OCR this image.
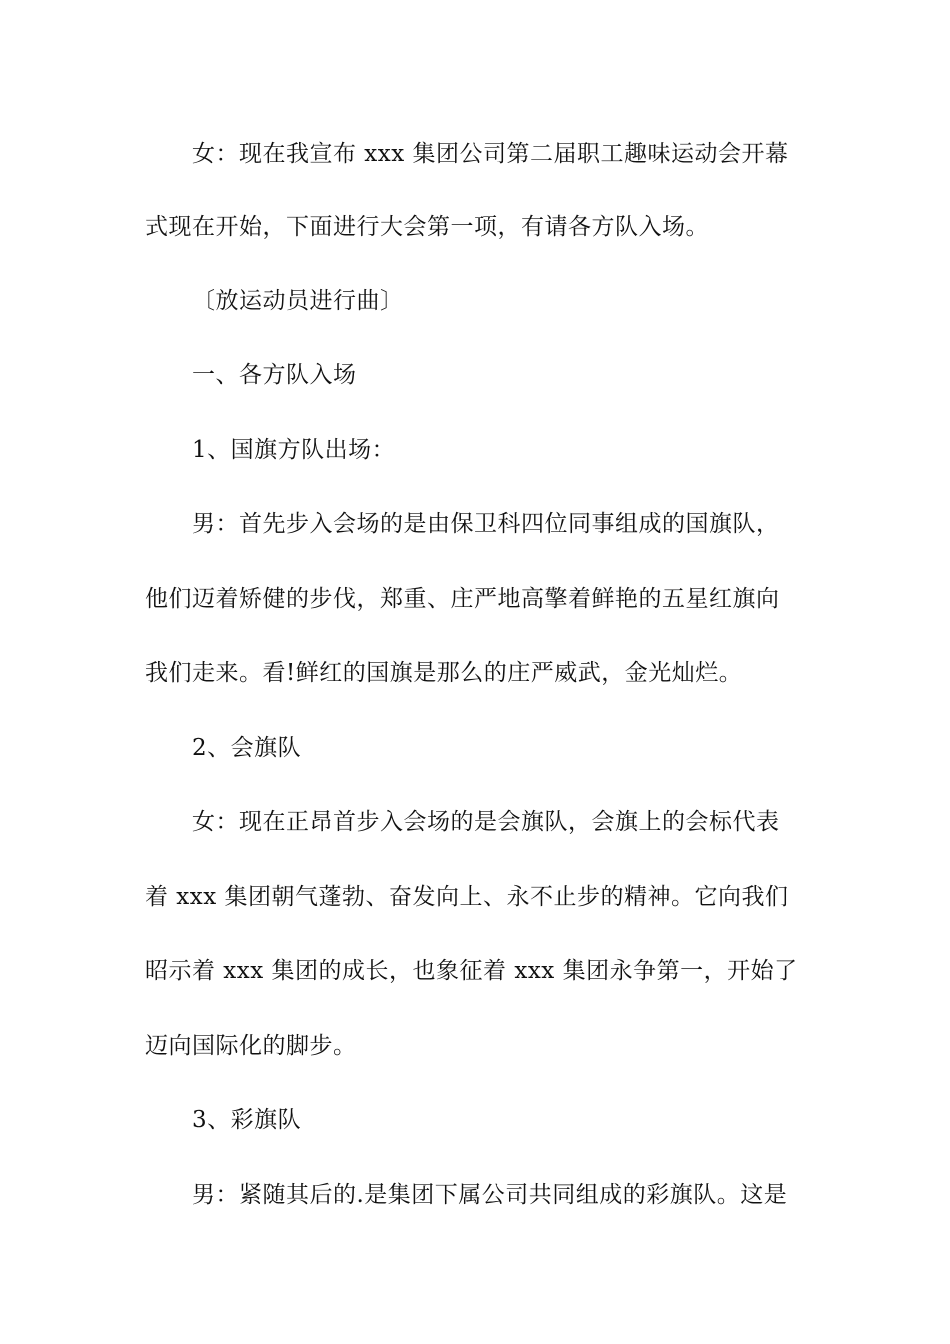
女：现在我宣布 xxx 集团公司第二届职工趣味运动会开幕
式现在开始，下面进行大会第一项，有请各方队入场。
〔放运动员进行曲〕
一、各方队入场
1、国旗方队出场：
男：首先步入会场的是由保卫科四位同事组成的国旗队，
他们迈着矫健的步伐，郑重、庄严地高擎着鲜艳的五星红旗向
我们走来。看!鲜红的国旗是那么的庄严威武，金光灿烂。
2、会旗队
女：现在正昂首步入会场的是会旗队，会旗上的会标代表
着 xxx 集团朝气蓬勃、奋发向上、永不止步的精神。它向我们
昭示着 xxx 集团的成长，也象征着 xxx 集团永争第一，开始了
迈向国际化的脚步。
3、彩旗队
男：紧随其后的.是集团下属公司共同组成的彩旗队。这是
